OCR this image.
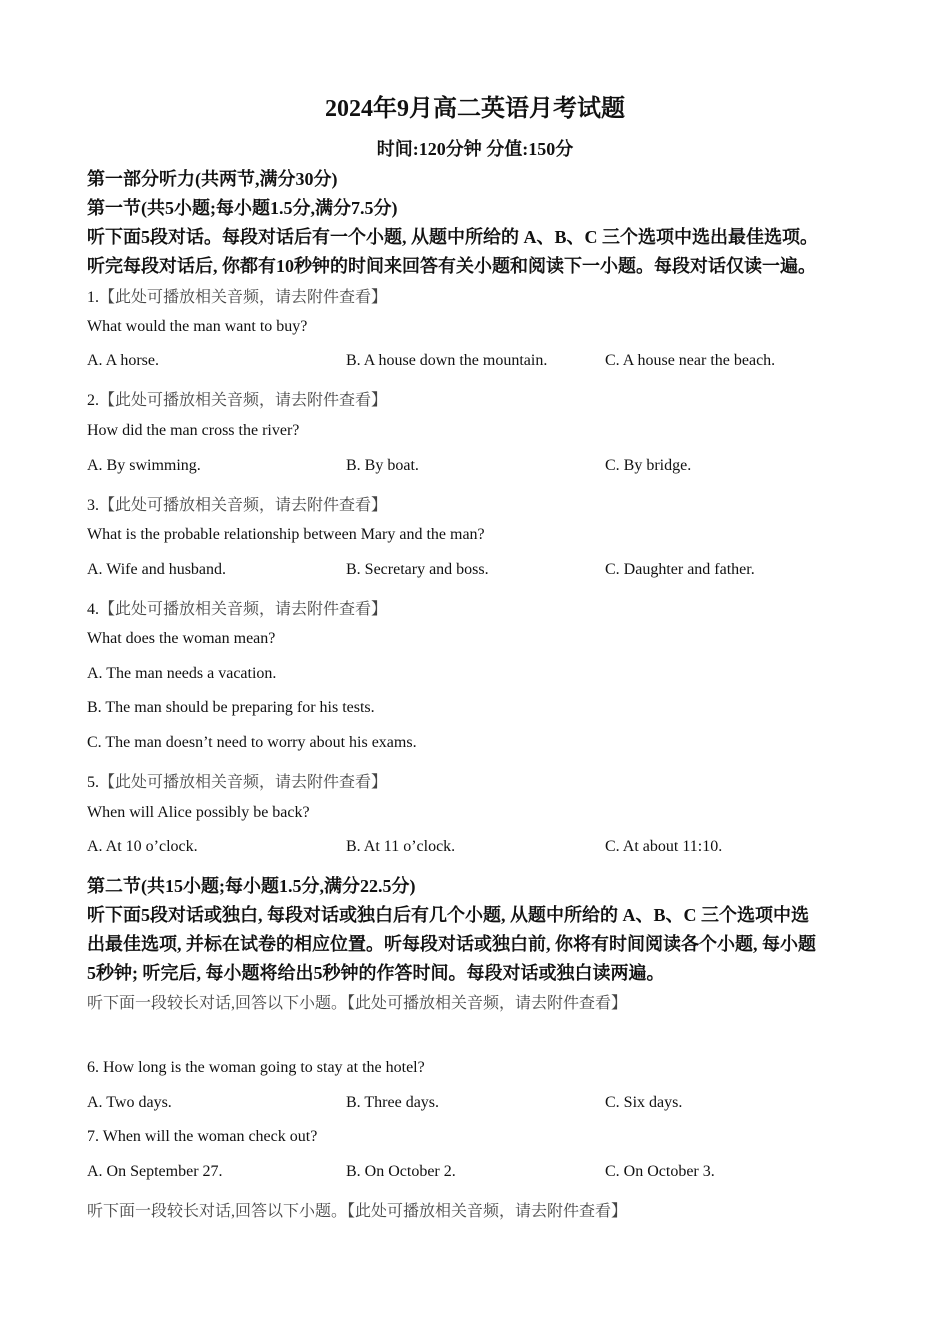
2024年9月高二英语月考试题
时间:120分钟 分值:150分
第一部分听力(共两节,满分30分)
第一节(共5小题;每小题1.5分,满分7.5分)
听下面5段对话。每段对话后有一个小题, 从题中所给的 A、B、C 三个选项中选出最佳选项。
听完每段对话后, 你都有10秒钟的时间来回答有关小题和阅读下一小题。每段对话仅读一遍。
1.【此处可播放相关音频，请去附件查看】
What would the man want to buy?
A. A horse.	B. A house down the mountain.	C. A house near the beach.
2.【此处可播放相关音频，请去附件查看】
How did the man cross the river?
A. By swimming.	B. By boat.	C. By bridge.
3.【此处可播放相关音频，请去附件查看】
What is the probable relationship between Mary and the man?
A. Wife and husband.	B. Secretary and boss.	C. Daughter and father.
4.【此处可播放相关音频，请去附件查看】
What does the woman mean?
A. The man needs a vacation.
B. The man should be preparing for his tests.
C. The man doesn’t need to worry about his exams.
5.【此处可播放相关音频，请去附件查看】
When will Alice possibly be back?
A. At 10 o’clock.	B. At 11 o’clock.	C. At about 11:10.
第二节(共15小题;每小题1.5分,满分22.5分)
听下面5段对话或独白, 每段对话或独白后有几个小题, 从题中所给的 A、B、C 三个选项中选
出最佳选项, 并标在试卷的相应位置。听每段对话或独白前, 你将有时间阅读各个小题, 每小题
5秒钟; 听完后, 每小题将给出5秒钟的作答时间。每段对话或独白读两遍。
听下面一段较长对话,回答以下小题。【此处可播放相关音频，请去附件查看】
6. How long is the woman going to stay at the hotel?
A. Two days.	B. Three days.	C. Six days.
7. When will the woman check out?
A. On September 27.	B. On October 2.	C. On October 3.
听下面一段较长对话,回答以下小题。【此处可播放相关音频，请去附件查看】
